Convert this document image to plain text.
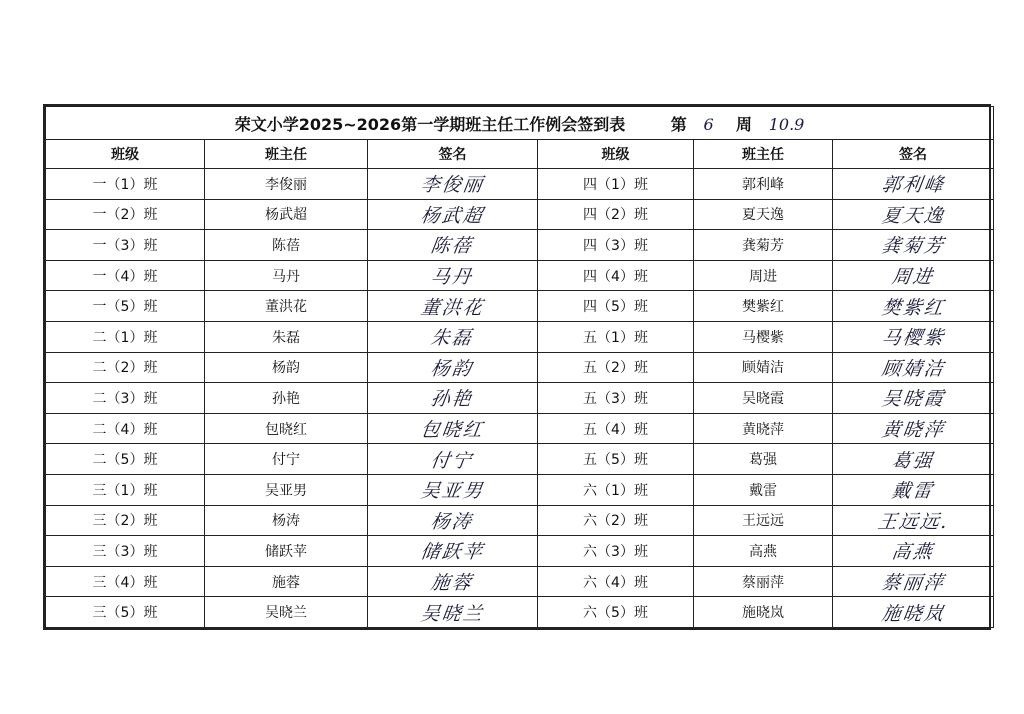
荣文小学2025~2026第一学期班主任工作例会签到表 第 6 周 10.9					
班级	班主任	签名	班级	班主任	签名
一（1）班	李俊丽	李俊丽	四（1）班	郭利峰	郭利峰
一（2）班	杨武超	杨武超	四（2）班	夏天逸	夏天逸
一（3）班	陈蓓	陈蓓	四（3）班	龚菊芳	龚菊芳
一（4）班	马丹	马丹	四（4）班	周进	周进
一（5）班	董洪花	董洪花	四（5）班	樊紫红	樊紫红
二（1）班	朱磊	朱磊	五（1）班	马樱紫	马樱紫
二（2）班	杨韵	杨韵	五（2）班	顾婧洁	顾婧洁
二（3）班	孙艳	孙艳	五（3）班	吴晓霞	吴晓霞
二（4）班	包晓红	包晓红	五（4）班	黄晓萍	黄晓萍
二（5）班	付宁	付宁	五（5）班	葛强	葛强
三（1）班	吴亚男	吴亚男	六（1）班	戴雷	戴雷
三（2）班	杨涛	杨涛	六（2）班	王远远	王远远.
三（3）班	储跃苹	储跃苹	六（3）班	高燕	高燕
三（4）班	施蓉	施蓉	六（4）班	蔡丽萍	蔡丽萍
三（5）班	吴晓兰	吴晓兰	六（5）班	施晓岚	施晓岚
